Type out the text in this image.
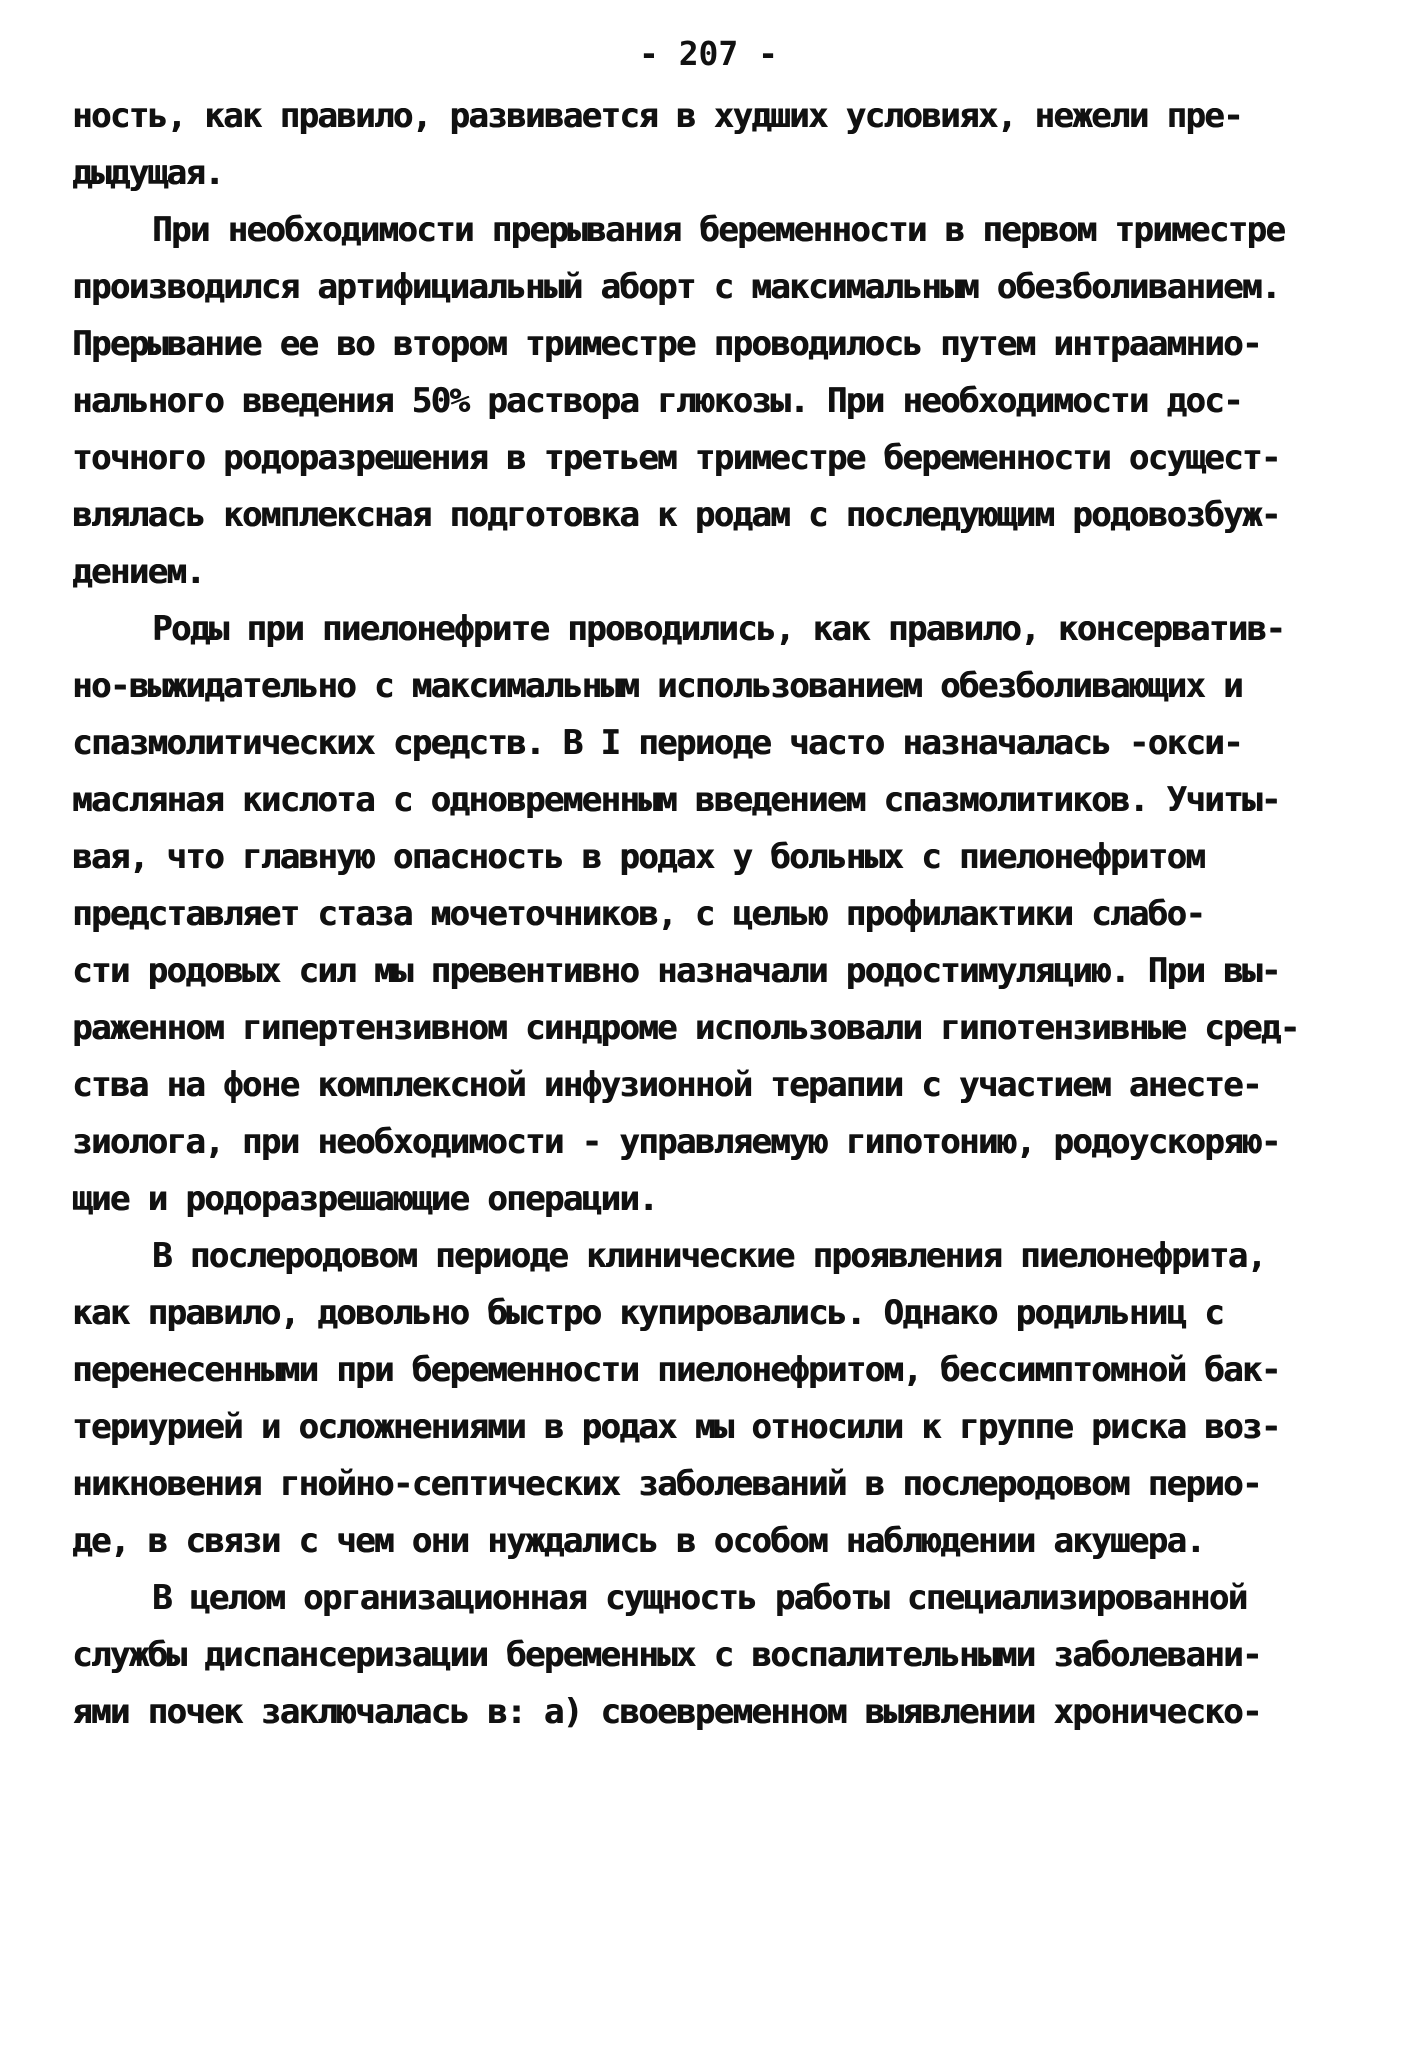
- 207 -
ность, как правило, развивается в худших условиях, нежели пре-
дыдущая.
При необходимости прерывания беременности в первом триместре
производился артифициальный аборт с максимальным обезболиванием.
Прерывание ее во втором триместре проводилось путем интраамнио-
нального введения 50% раствора глюкозы. При необходимости дос-
точного родоразрешения в третьем триместре беременности осущест-
влялась комплексная подготовка к родам с последующим родовозбуж-
дением.
Роды при пиелонефрите проводились, как правило, консерватив-
но-выжидательно с максимальным использованием обезболивающих и
спазмолитических средств. В I периоде часто назначалась -окси-
масляная кислота с одновременным введением спазмолитиков. Учиты-
вая, что главную опасность в родах у больных с пиелонефритом
представляет стаза мочеточников, с целью профилактики слабо-
сти родовых сил мы превентивно назначали родостимуляцию. При вы-
раженном гипертензивном синдроме использовали гипотензивные сред-
ства на фоне комплексной инфузионной терапии с участием анесте-
зиолога, при необходимости - управляемую гипотонию, родоускоряю-
щие и родоразрешающие операции.
В послеродовом периоде клинические проявления пиелонефрита,
как правило, довольно быстро купировались. Однако родильниц с
перенесенными при беременности пиелонефритом, бессимптомной бак-
териурией и осложнениями в родах мы относили к группе риска воз-
никновения гнойно-септических заболеваний в послеродовом перио-
де, в связи с чем они нуждались в особом наблюдении акушера.
В целом организационная сущность работы специализированной
службы диспансеризации беременных с воспалительными заболевани-
ями почек заключалась в: а) своевременном выявлении хроническо-
